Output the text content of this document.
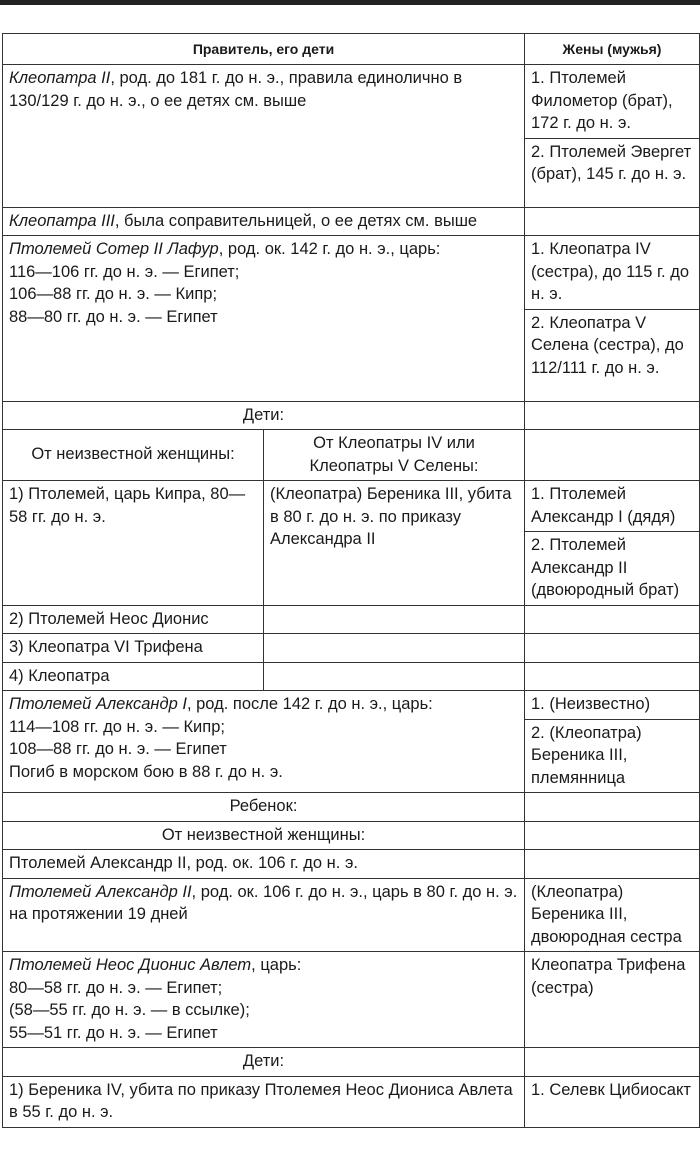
Правитель, его дети		Жены (мужья)
Клеопатра II, род. до 181 г. до н. э., правила единолично в 130/129 г. до н. э., о ее детях см. выше		1. Птолемей Филометор (брат), 172 г. до н. э.
		2. Птолемей Эвергет (брат), 145 г. до н. э.
Клеопатра III, была соправительницей, о ее детях см. выше		

Птолемей Сотер II Лафур, род. ок. 142 г. до н. э., царь:
116—106 гг. до н. э. — Египет;
106—88 гг. до н. э. — Кипр;
88—80 гг. до н. э. — Египет		1. Клеопатра IV (сестра), до 115 г. до н. э.
		2. Клеопатра V Селена (сестра), до 112/111 г. до н. э.
Дети:		
От неизвестной женщины:	От Клеопатры IV или Клеопатры V Селены:	
1) Птолемей, царь Кипра, 80—58 гг. до н. э.	(Клеопатра) Береника III, убита в 80 г. до н. э. по приказу Александра II	1. Птолемей Александр I (дядя)
		2. Птолемей Александр II (двоюродный брат)
2) Птолемей Неос Дионис		
3) Клеопатра VI Трифена		
4) Клеопатра		

Птолемей Александр I, род. после 142 г. до н. э., царь:
114—108 гг. до н. э. — Кипр;
108—88 гг. до н. э. — Египет
Погиб в морском бою в 88 г. до н. э.		1. (Неизвестно)
		2. (Клеопатра) Береника III, племянница
Ребенок:		
От неизвестной женщины:		
Птолемей Александр II, род. ок. 106 г. до н. э.		
Птолемей Александр II, род. ок. 106 г. до н. э., царь в 80 г. до н. э. на протяжении 19 дней		(Клеопатра) Береника III, двоюродная сестра

Птолемей Неос Дионис Авлет, царь:
80—58 гг. до н. э. — Египет;
(58—55 гг. до н. э. — в ссылке);
55—51 гг. до н. э. — Египет		Клеопатра Трифена (сестра)
Дети:		
1) Береника IV, убита по приказу Птолемея Неос Диониса Авлета в 55 г. до н. э.		1. Селевк Цибиосакт
